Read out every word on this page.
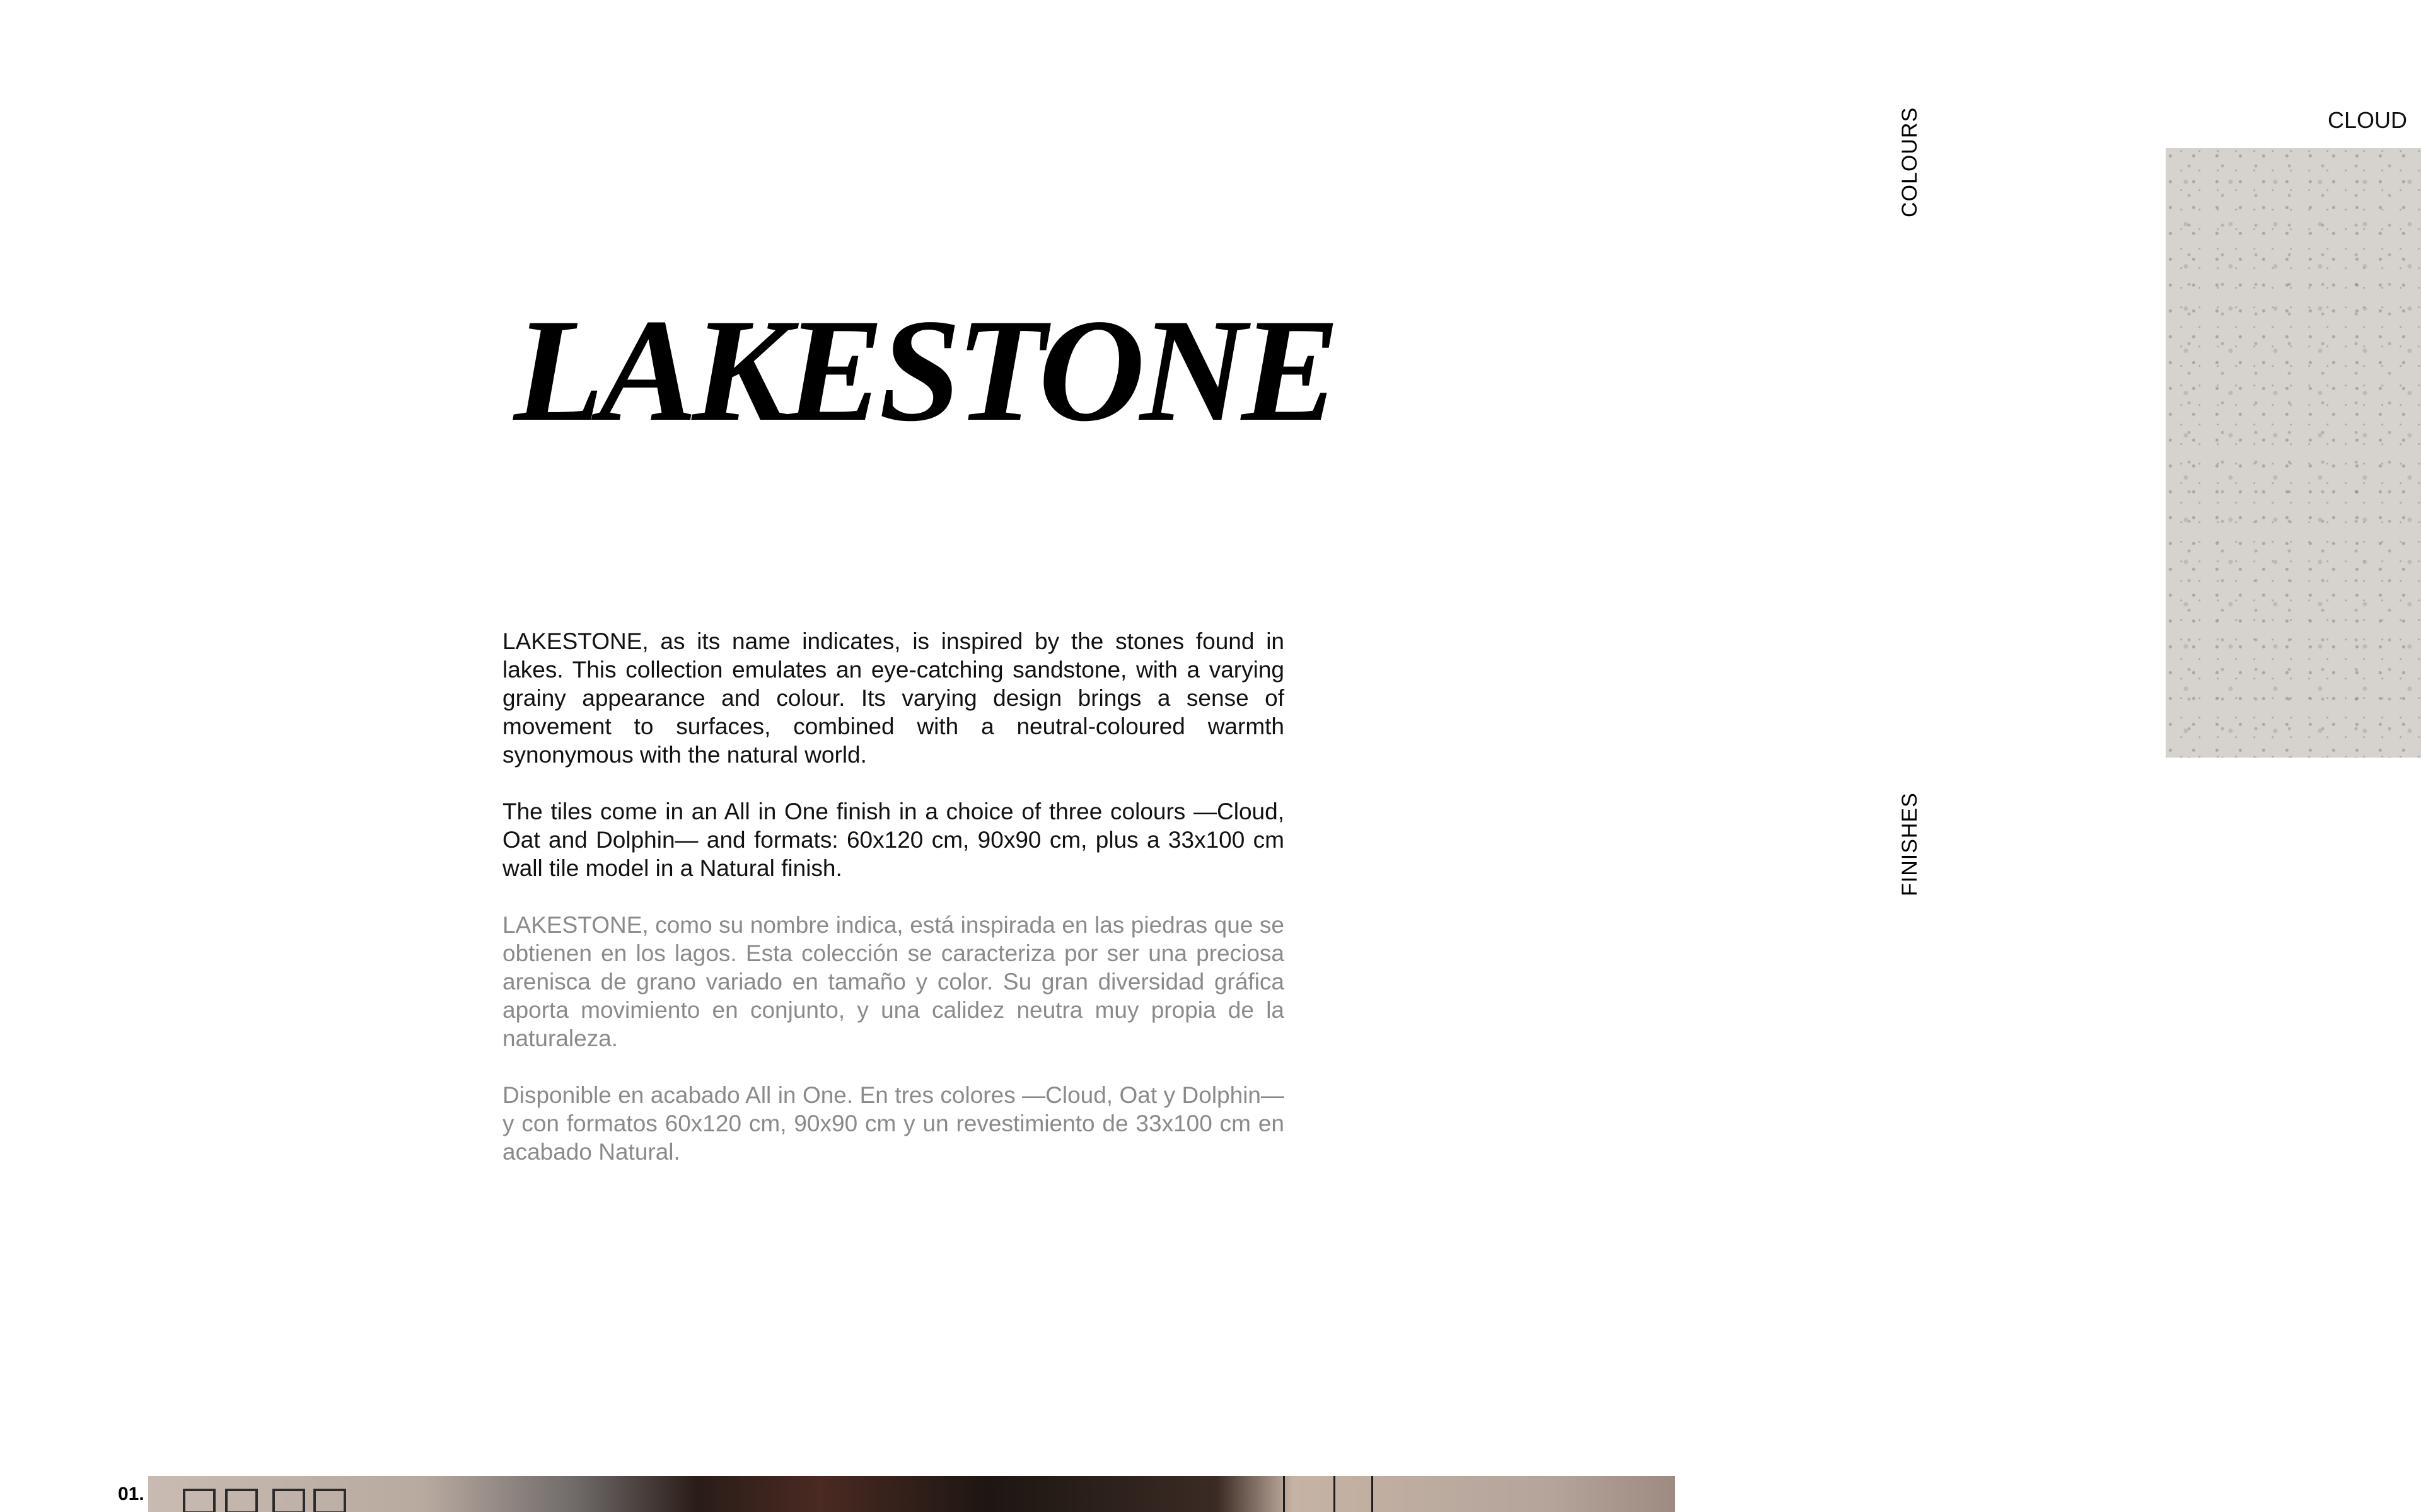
LAKESTONE

LAKESTONE, as its name indicates, is inspired by the stones found in lakes. This collection emulates an eye-catching sandstone, with a varying grainy appearance and colour. Its varying design brings a sense of movement to surfaces, combined with a neutral-coloured warmth synonymous with the natural world.

The tiles come in an All in One finish in a choice of three colours —Cloud, Oat and Dolphin— and formats: 60x120 cm, 90x90 cm, plus a 33x100 cm wall tile model in a Natural finish.

LAKESTONE, como su nombre indica, está inspirada en las piedras que se obtienen en los lagos. Esta colección se caracteriza por ser una preciosa arenisca de grano variado en tamaño y color. Su gran diversidad gráfica aporta movimiento en conjunto, y una calidez neutra muy propia de la naturaleza.

Disponible en acabado All in One. En tres colores —Cloud, Oat y Dolphin— y con formatos 60x120 cm, 90x90 cm y un revestimiento de 33x100 cm en acabado Natural.

COLOURS
FINISHES
CLOUD
01.
